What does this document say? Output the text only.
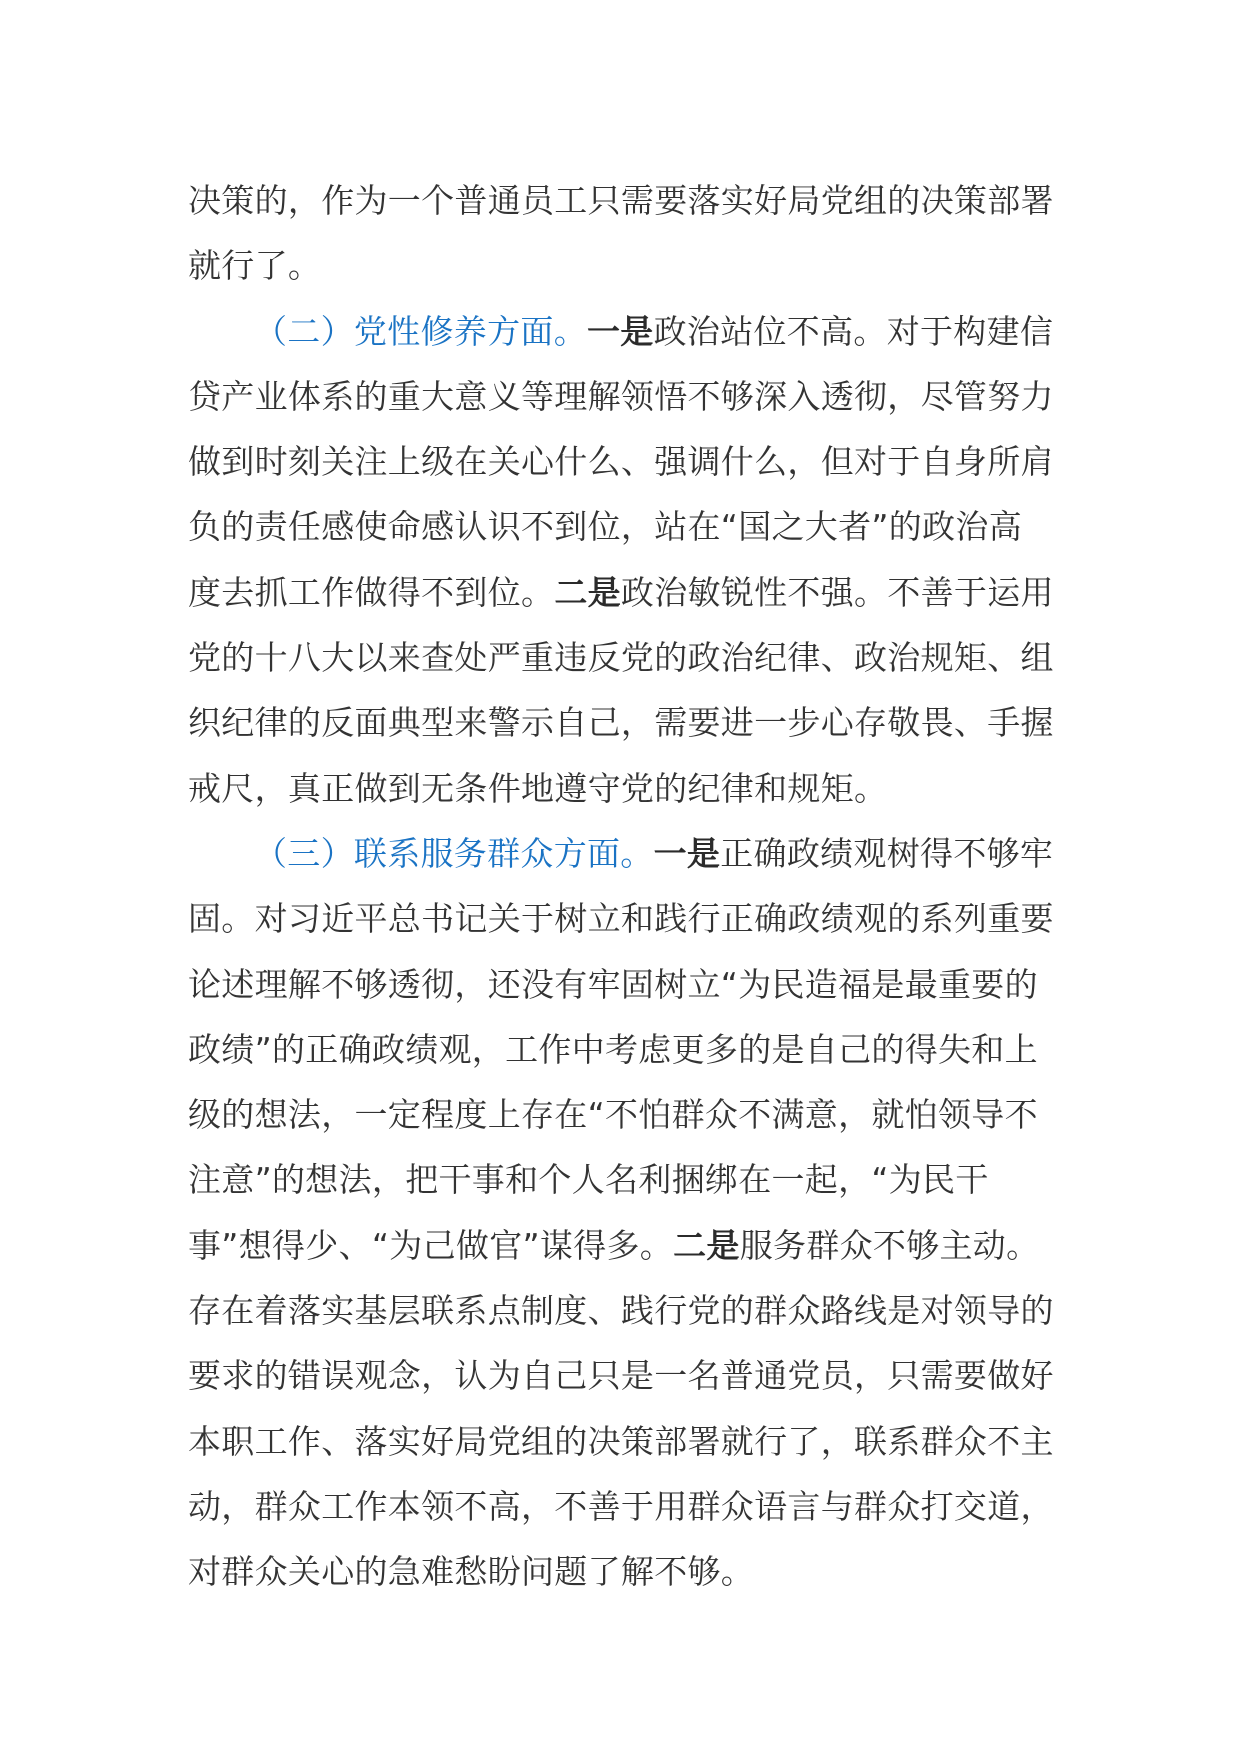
决策的，作为一个普通员工只需要落实好局党组的决策部署
就行了。
（二）党性修养方面。一是政治站位不高。对于构建信
贷产业体系的重大意义等理解领悟不够深入透彻，尽管努力
做到时刻关注上级在关心什么、强调什么，但对于自身所肩
负的责任感使命感认识不到位，站在“国之大者”的政治高
度去抓工作做得不到位。二是政治敏锐性不强。不善于运用
党的十八大以来查处严重违反党的政治纪律、政治规矩、组
织纪律的反面典型来警示自己，需要进一步心存敬畏、手握
戒尺，真正做到无条件地遵守党的纪律和规矩。
（三）联系服务群众方面。一是正确政绩观树得不够牢
固。对习近平总书记关于树立和践行正确政绩观的系列重要
论述理解不够透彻，还没有牢固树立“为民造福是最重要的
政绩”的正确政绩观，工作中考虑更多的是自己的得失和上
级的想法，一定程度上存在“不怕群众不满意，就怕领导不
注意”的想法，把干事和个人名利捆绑在一起，“为民干
事”想得少、“为己做官”谋得多。二是服务群众不够主动。
存在着落实基层联系点制度、践行党的群众路线是对领导的
要求的错误观念，认为自己只是一名普通党员，只需要做好
本职工作、落实好局党组的决策部署就行了，联系群众不主
动，群众工作本领不高，不善于用群众语言与群众打交道，
对群众关心的急难愁盼问题了解不够。
